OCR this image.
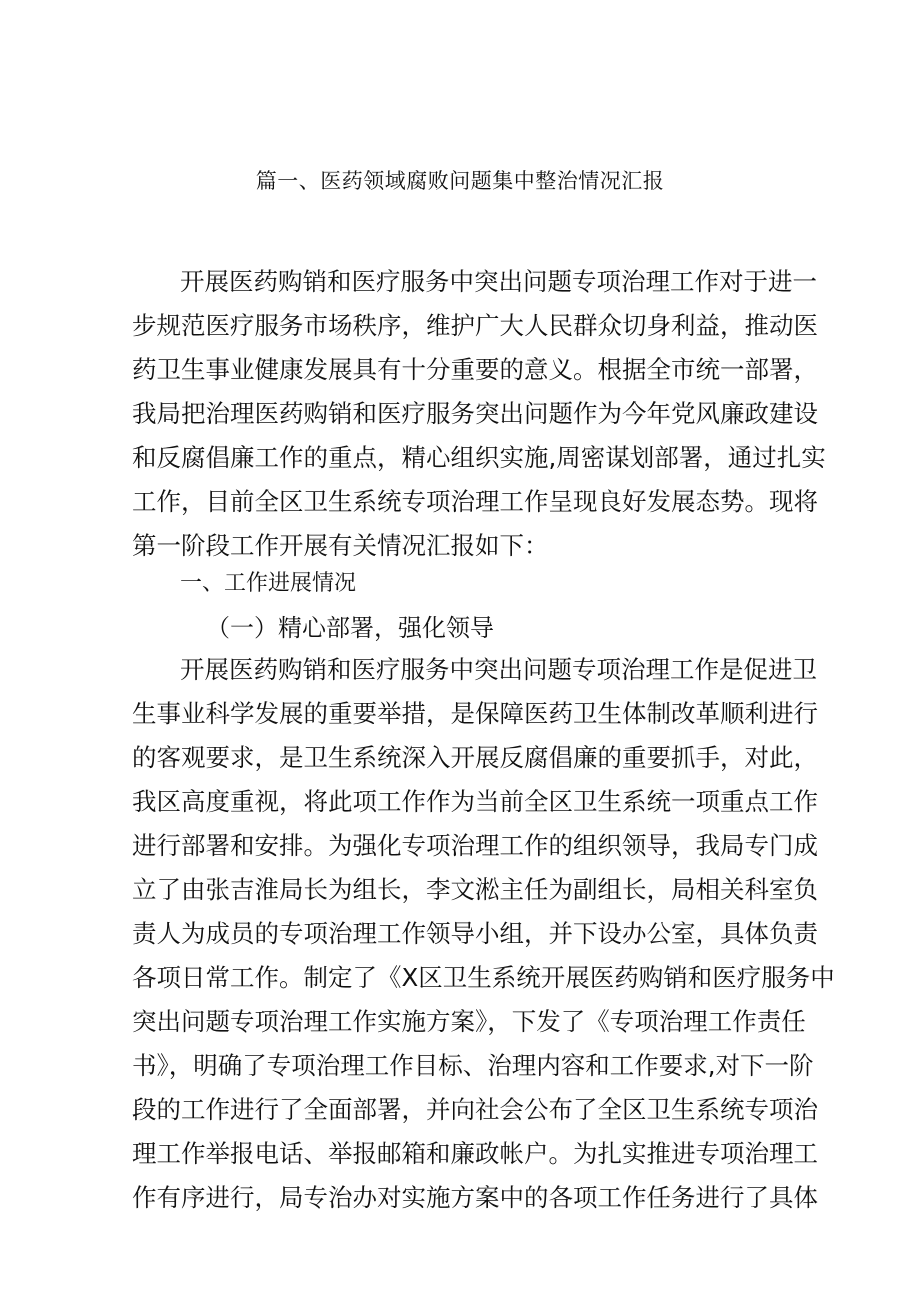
篇一、医药领域腐败问题集中整治情况汇报
开展医药购销和医疗服务中突出问题专项治理工作对于进一
步规范医疗服务市场秩序，维护广大人民群众切身利益，推动医
药卫生事业健康发展具有十分重要的意义。根据全市统一部署，
我局把治理医药购销和医疗服务突出问题作为今年党风廉政建设
和反腐倡廉工作的重点，精心组织实施,周密谋划部署，通过扎实
工作，目前全区卫生系统专项治理工作呈现良好发展态势。现将
第一阶段工作开展有关情况汇报如下：
一、工作进展情况
（一）精心部署，强化领导
开展医药购销和医疗服务中突出问题专项治理工作是促进卫
生事业科学发展的重要举措，是保障医药卫生体制改革顺利进行
的客观要求，是卫生系统深入开展反腐倡廉的重要抓手，对此，
我区高度重视，将此项工作作为当前全区卫生系统一项重点工作
进行部署和安排。为强化专项治理工作的组织领导，我局专门成
立了由张吉淮局长为组长，李文淞主任为副组长，局相关科室负
责人为成员的专项治理工作领导小组，并下设办公室，具体负责
各项日常工作。制定了《X区卫生系统开展医药购销和医疗服务中
突出问题专项治理工作实施方案》，下发了《专项治理工作责任
书》，明确了专项治理工作目标、治理内容和工作要求,对下一阶
段的工作进行了全面部署，并向社会公布了全区卫生系统专项治
理工作举报电话、举报邮箱和廉政帐户。为扎实推进专项治理工
作有序进行，局专治办对实施方案中的各项工作任务进行了具体
